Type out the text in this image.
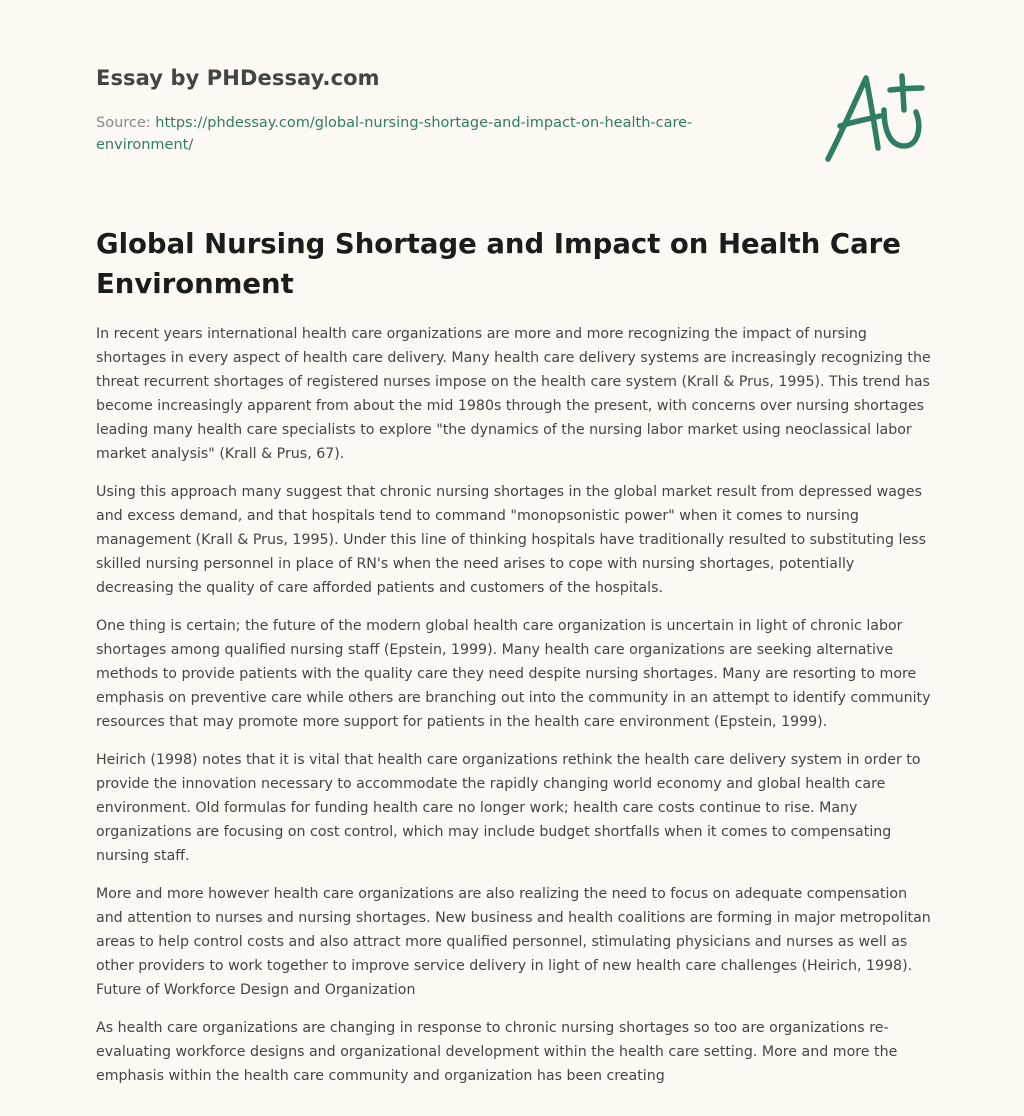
Essay by PHDessay.com
Source: https://phdessay.com/global-nursing-shortage-and-impact-on-health-care-environment/
Global Nursing Shortage and Impact on Health Care Environment

In recent years international health care organizations are more and more recognizing the impact of nursing shortages in every aspect of health care delivery. Many health care delivery systems are increasingly recognizing the threat recurrent shortages of registered nurses impose on the health care system (Krall & Prus, 1995). This trend has become increasingly apparent from about the mid 1980s through the present, with concerns over nursing shortages leading many health care specialists to explore "the dynamics of the nursing labor market using neoclassical labor market analysis" (Krall & Prus, 67).

Using this approach many suggest that chronic nursing shortages in the global market result from depressed wages and excess demand, and that hospitals tend to command "monopsonistic power" when it comes to nursing management (Krall & Prus, 1995). Under this line of thinking hospitals have traditionally resulted to substituting less skilled nursing personnel in place of RN's when the need arises to cope with nursing shortages, potentially decreasing the quality of care afforded patients and customers of the hospitals.

One thing is certain; the future of the modern global health care organization is uncertain in light of chronic labor shortages among qualified nursing staff (Epstein, 1999). Many health care organizations are seeking alternative methods to provide patients with the quality care they need despite nursing shortages. Many are resorting to more emphasis on preventive care while others are branching out into the community in an attempt to identify community resources that may promote more support for patients in the health care environment (Epstein, 1999).

Heirich (1998) notes that it is vital that health care organizations rethink the health care delivery system in order to provide the innovation necessary to accommodate the rapidly changing world economy and global health care environment. Old formulas for funding health care no longer work; health care costs continue to rise. Many organizations are focusing on cost control, which may include budget shortfalls when it comes to compensating nursing staff.

More and more however health care organizations are also realizing the need to focus on adequate compensation and attention to nurses and nursing shortages. New business and health coalitions are forming in major metropolitan areas to help control costs and also attract more qualified personnel, stimulating physicians and nurses as well as other providers to work together to improve service delivery in light of new health care challenges (Heirich, 1998). Future of Workforce Design and Organization

As health care organizations are changing in response to chronic nursing shortages so too are organizations re-evaluating workforce designs and organizational development within the health care setting. More and more the emphasis within the health care community and organization has been creating
